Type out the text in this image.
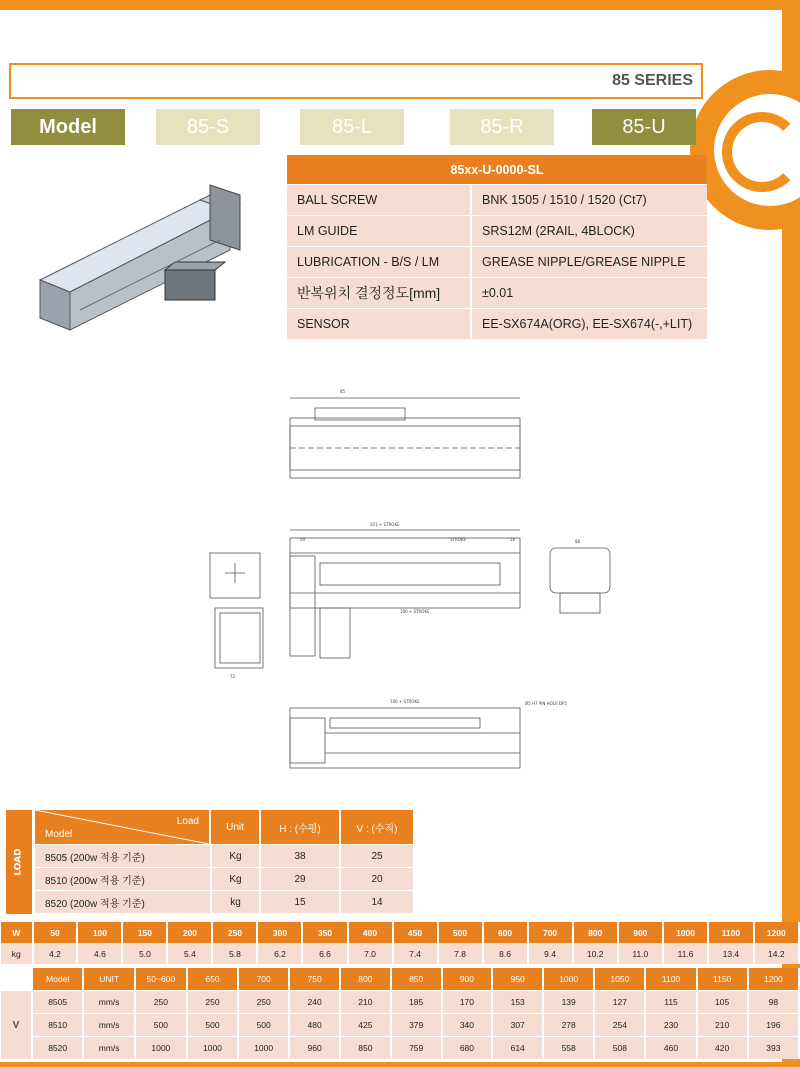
85 SERIES
Model	85-S	85-L	85-R	85-U
85xx-U-0000-SL	
BALL SCREW	BNK 1505 / 1510 / 1520 (Ct7)
LM GUIDE	SRS12M (2RAIL, 4BLOCK)
LUBRICATION - B/S / LM	GREASE NIPPLE/GREASE NIPPLE
반복위치 결정정도[mm]	±0.01
SENSOR	EE-SX674A(ORG), EE-SX674(-,+LIT)
85
201 + STROKE
STROKE
100 + STROKE
50	28	88
72
100 + STROKE	Ø5 H7 PIN HOLE DP5
LOAD
Load
Model	Unit	H : (수평)	V : (수직)
8505 (200w 적용 기준)	Kg	38	25
8510 (200w 적용 기준)	Kg	29	20
8520 (200w 적용 기준)	kg	15	14
W	50	100	150	200	250	300	350	400	450	500	600	700	800	900	1000	1100	1200
kg	4.2	4.6	5.0	5.4	5.8	6.2	6.6	7.0	7.4	7.8	8.6	9.4	10.2	11.0	11.6	13.4	14.2
	Model	UNIT	50~600	650	700	750	800	850	900	950	1000	1050	1100	1150	1200
V	8505	mm/s	250	250	250	240	210	185	170	153	139	127	115	105	98
	8510	mm/s	500	500	500	480	425	379	340	307	278	254	230	210	196
	8520	mm/s	1000	1000	1000	960	850	759	680	614	558	508	460	420	393
